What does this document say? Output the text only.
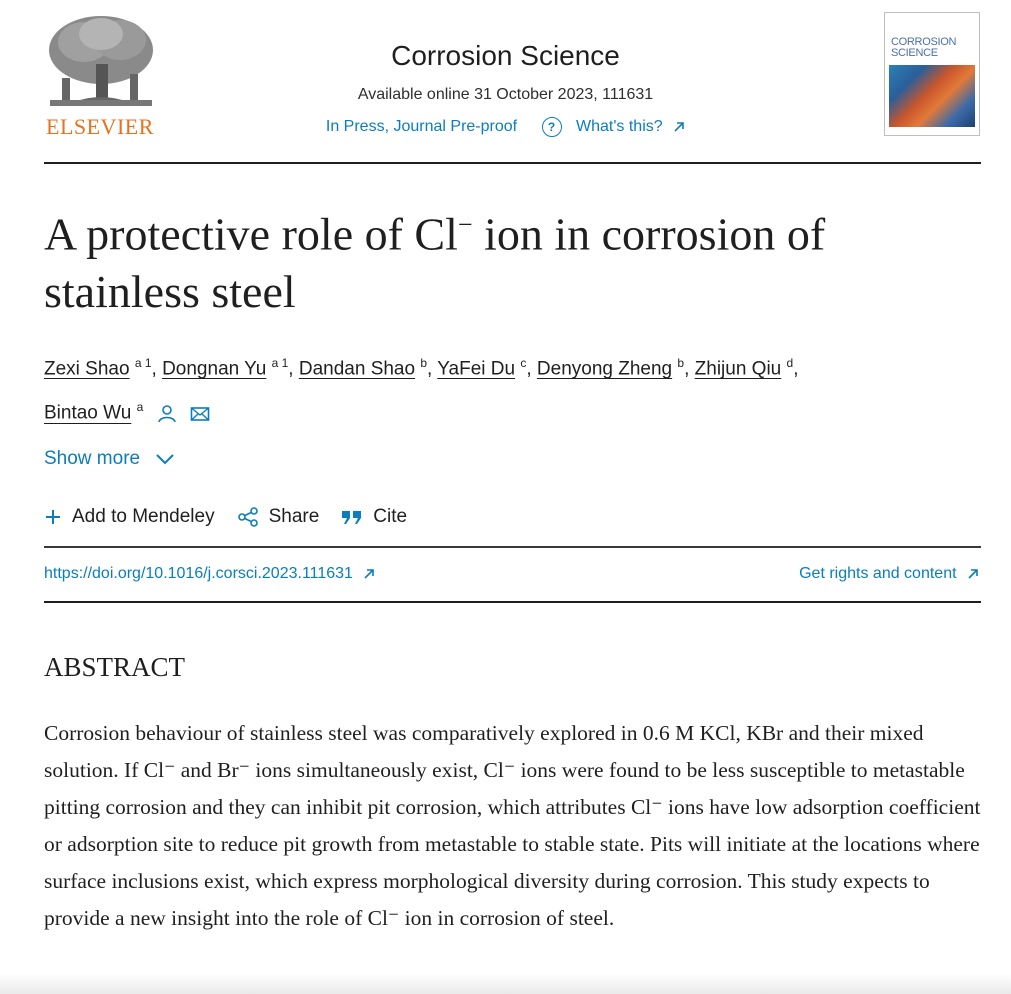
ELSEVIER
Corrosion Science
Available online 31 October 2023, 111631
In Press, Journal Pre-proof	? What's this?
CORROSION
SCIENCE
A protective role of Cl− ion in corrosion of stainless steel
Zexi Shao $^{a 1}$, Dongnan Yu $^{a 1}$, Dandan Shao $^b$, YaFei Du $^c$, Denyong Zheng $^b$, Zhijun Qiu $^d$,
Bintao Wu $^a$
Show more
Add to Mendeley	Share	Cite
https://doi.org/10.1016/j.corsci.2023.111631	Get rights and content
ABSTRACT
Corrosion behaviour of stainless steel was comparatively explored in 0.6 M KCl, KBr and their mixed solution. If Cl⁻ and Br⁻ ions simultaneously exist, Cl⁻ ions were found to be less susceptible to metastable pitting corrosion and they can inhibit pit corrosion, which attributes Cl⁻ ions have low adsorption coefficient or adsorption site to reduce pit growth from metastable to stable state. Pits will initiate at the locations where surface inclusions exist, which express morphological diversity during corrosion. This study expects to provide a new insight into the role of Cl⁻ ion in corrosion of steel.
